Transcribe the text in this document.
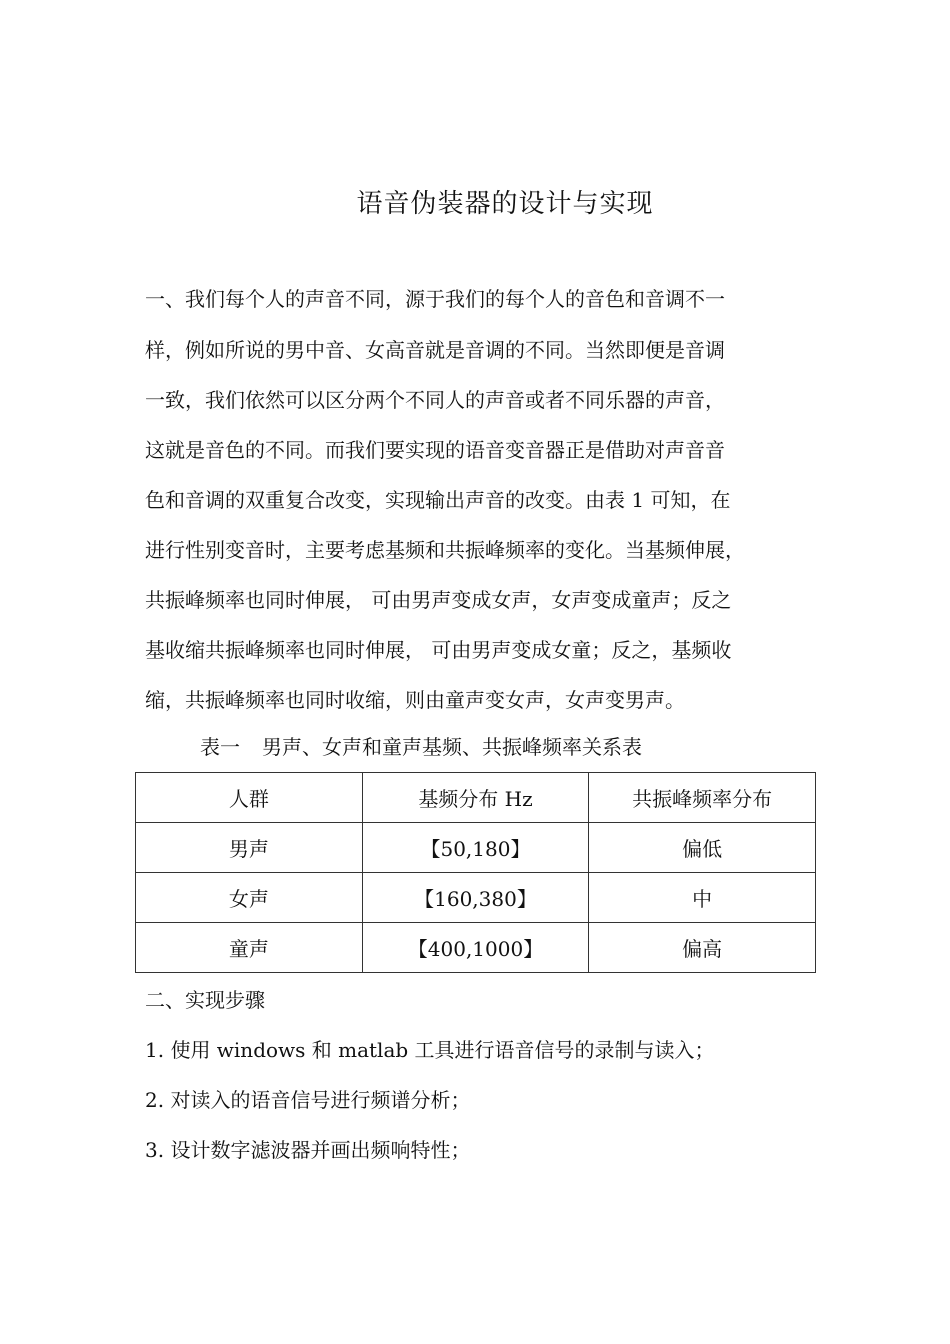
语音伪装器的设计与实现
一、我们每个人的声音不同，源于我们的每个人的音色和音调不一
样，例如所说的男中音、女高音就是音调的不同。当然即便是音调
一致，我们依然可以区分两个不同人的声音或者不同乐器的声音，
这就是音色的不同。而我们要实现的语音变音器正是借助对声音音
色和音调的双重复合改变，实现输出声音的改变。由表 1 可知，在
进行性别变音时，主要考虑基频和共振峰频率的变化。当基频伸展，
共振峰频率也同时伸展， 可由男声变成女声，女声变成童声；反之
基收缩共振峰频率也同时伸展， 可由男声变成女童；反之，基频收
缩，共振峰频率也同时收缩，则由童声变女声，女声变男声。
表一 男声、女声和童声基频、共振峰频率关系表
人群	基频分布 Hz	共振峰频率分布
男声	【50,180】	偏低
女声	【160,380】	中
童声	【400,1000】	偏高
二、实现步骤
1. 使用 windows 和 matlab 工具进行语音信号的录制与读入；
2. 对读入的语音信号进行频谱分析；
3. 设计数字滤波器并画出频响特性；
